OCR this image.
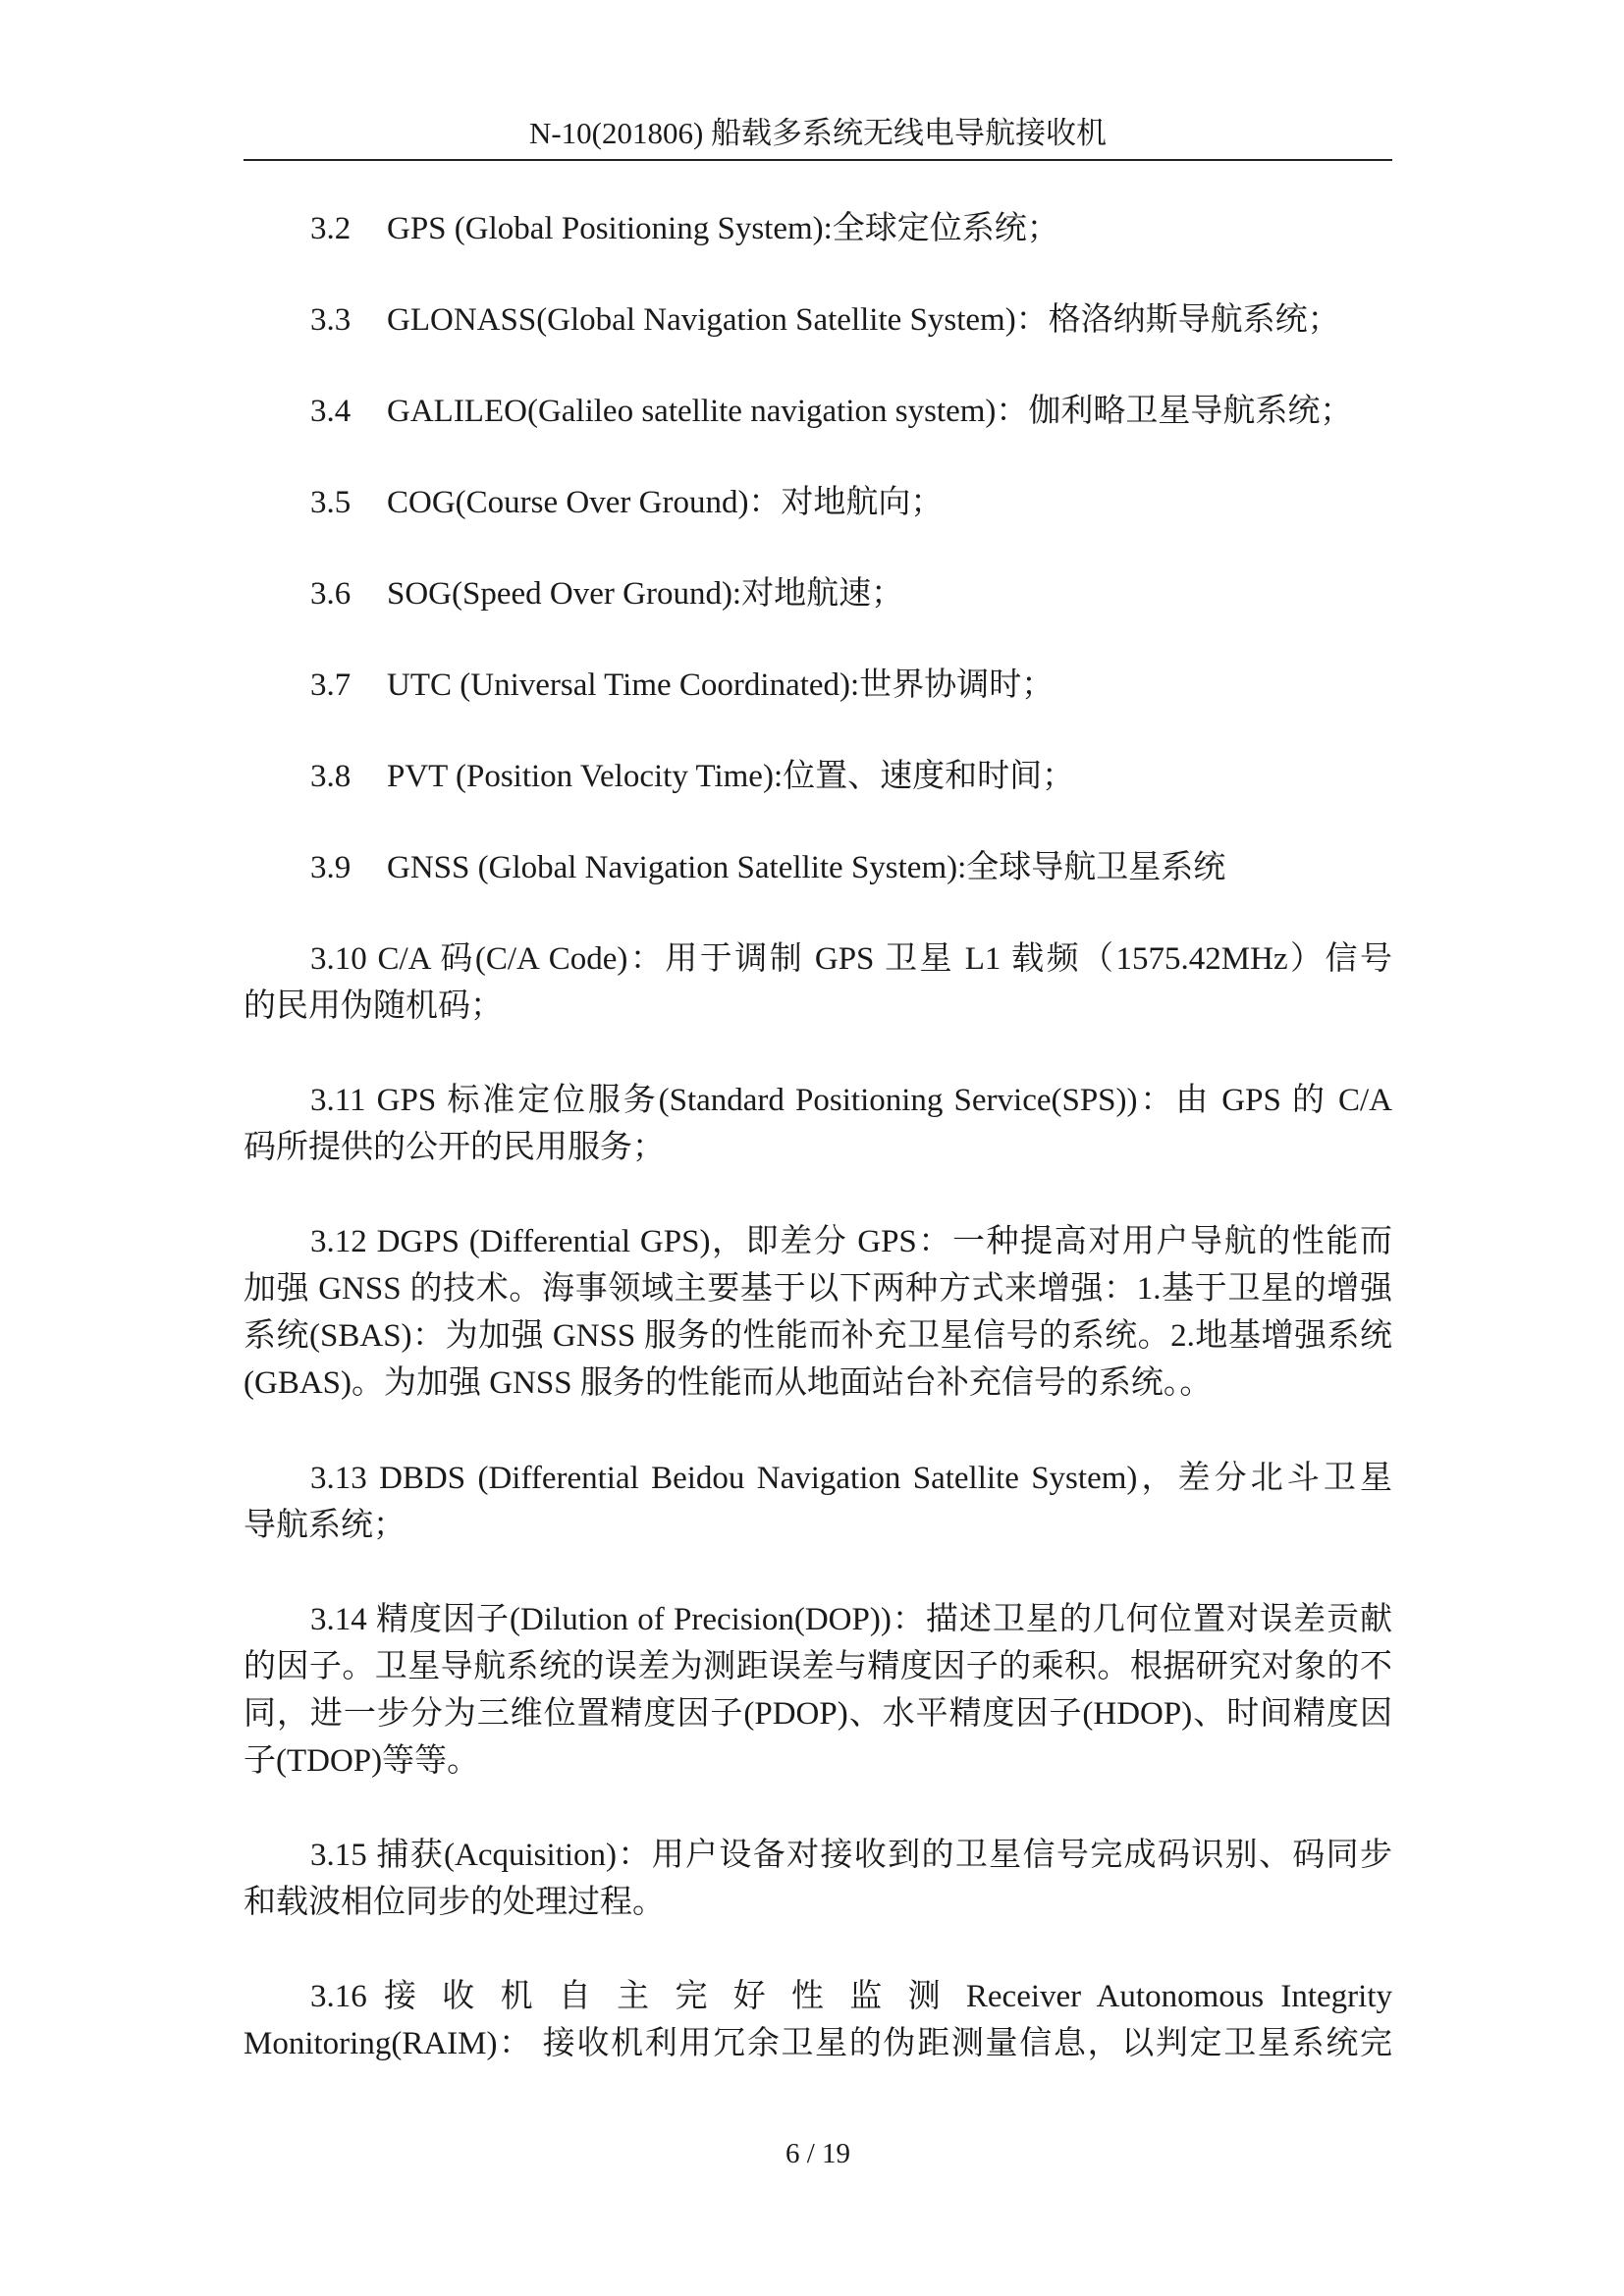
N-10(201806) 船载多系统无线电导航接收机
3.2 GPS (Global Positioning System):全球定位系统；
3.3 GLONASS(Global Navigation Satellite System)：格洛纳斯导航系统；
3.4 GALILEO(Galileo satellite navigation system)：伽利略卫星导航系统；
3.5 COG(Course Over Ground)：对地航向；
3.6 SOG(Speed Over Ground):对地航速；
3.7 UTC (Universal Time Coordinated):世界协调时；
3.8 PVT (Position Velocity Time):位置、速度和时间；
3.9 GNSS (Global Navigation Satellite System):全球导航卫星系统
3.10 C/A 码(C/A Code)：用于调制 GPS 卫星 L1 载频（1575.42MHz）信号
的民用伪随机码；
3.11 GPS 标准定位服务(Standard Positioning Service(SPS))：由 GPS 的 C/A
码所提供的公开的民用服务；
3.12 DGPS (Differential GPS)，即差分 GPS：一种提高对用户导航的性能而
加强 GNSS 的技术。海事领域主要基于以下两种方式来增强：1.基于卫星的增强
系统(SBAS)：为加强 GNSS 服务的性能而补充卫星信号的系统。2.地基增强系统
(GBAS)。为加强 GNSS 服务的性能而从地面站台补充信号的系统。。
3.13 DBDS (Differential Beidou Navigation Satellite System)，差分北斗卫星
导航系统；
3.14 精度因子(Dilution of Precision(DOP))：描述卫星的几何位置对误差贡献
的因子。卫星导航系统的误差为测距误差与精度因子的乘积。根据研究对象的不
同，进一步分为三维位置精度因子(PDOP)、水平精度因子(HDOP)、时间精度因
子(TDOP)等等。
3.15 捕获(Acquisition)：用户设备对接收到的卫星信号完成码识别、码同步
和载波相位同步的处理过程。
3.16 接 收 机 自 主 完 好 性 监 测 Receiver Autonomous Integrity
Monitoring(RAIM)： 接收机利用冗余卫星的伪距测量信息，以判定卫星系统完
6 / 19
